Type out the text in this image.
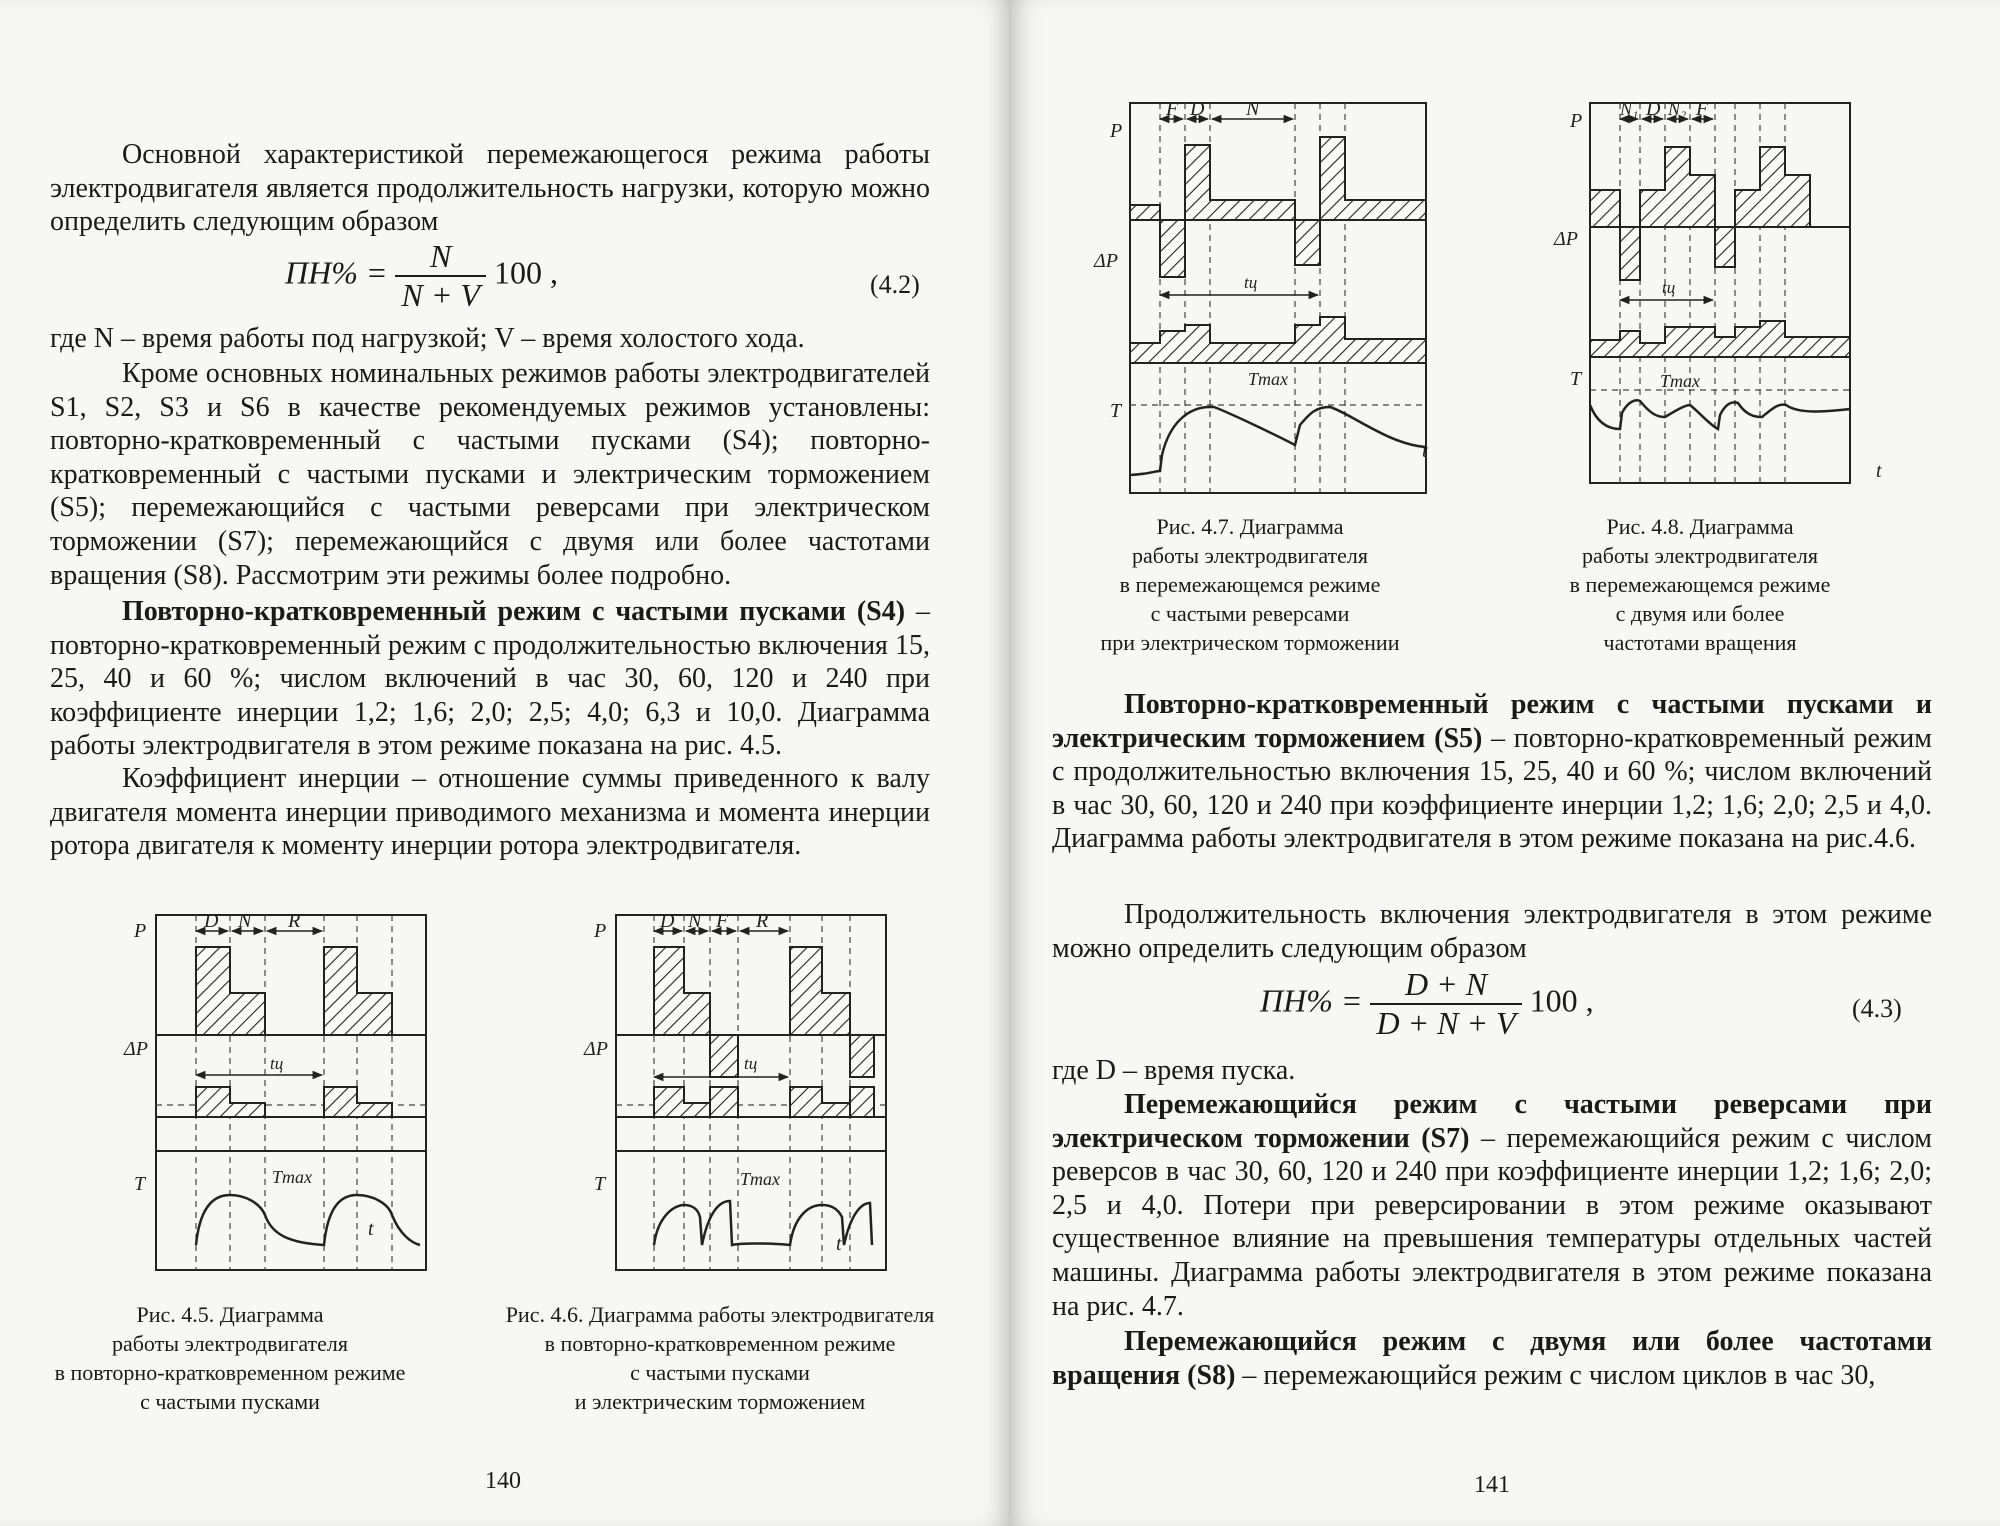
Основной характеристикой перемежающегося режима работы электродвигателя является продолжительность нагрузки, которую можно определить следующим образом

$ПН\% = \frac{N}{N + V} 100$ ,	(4.2)

где N – время работы под нагрузкой; V – время холостого хода.

Кроме основных номинальных режимов работы электродвигателей S1, S2, S3 и S6 в качестве рекомендуемых режимов установлены: повторно-кратковременный с частыми пусками (S4); повторно-кратковременный с частыми пусками и электрическим торможением (S5); перемежающийся с частыми реверсами при электрическом торможении (S7); перемежающийся с двумя или более частотами вращения (S8). Рассмотрим эти режимы более подробно.

Повторно-кратковременный режим с частыми пусками (S4) – повторно-кратковременный режим с продолжительностью включения 15, 25, 40 и 60 %; числом включений в час 30, 60, 120 и 240 при коэффициенте инерции 1,2; 1,6; 2,0; 2,5; 4,0; 6,3 и 10,0. Диаграмма работы электродвигателя в этом режиме показана на рис. 4.5.

Коэффициент инерции – отношение суммы приведенного к валу двигателя момента инерции приводимого механизма и момента инерции ротора двигателя к моменту инерции ротора электродвигателя.

P
ΔP
T
D N R
tц
Tmax
t
Рис. 4.5. Диаграмма
работы электродвигателя
в повторно-кратковременном режиме
с частыми пусками
P
ΔP
T
D N F R
tц
Tmax
t
Рис. 4.6. Диаграмма работы электродвигателя
в повторно-кратковременном режиме
с частыми пусками
и электрическим торможением
140
P
ΔP
T
F D N
tц
Tmax
t
Рис. 4.7. Диаграмма
работы электродвигателя
в перемежающемся режиме
с частыми реверсами
при электрическом торможении
P
ΔP
T
N₁ D N₂ F
tц
Tmax
t
Рис. 4.8. Диаграмма
работы электродвигателя
в перемежающемся режиме
с двумя или более
частотами вращения

Повторно-кратковременный режим с частыми пусками и электрическим торможением (S5) – повторно-кратковременный режим с продолжительностью включения 15, 25, 40 и 60 %; числом включений в час 30, 60, 120 и 240 при коэффициенте инерции 1,2; 1,6; 2,0; 2,5 и 4,0. Диаграмма работы электродвигателя в этом режиме показана на рис.4.6.

Продолжительность включения электродвигателя в этом режиме можно определить следующим образом

$ПН\% = \frac{D + N}{D + N + V} 100$ ,	(4.3)

где D – время пуска.

Перемежающийся режим с частыми реверсами при электрическом торможении (S7) – перемежающийся режим с числом реверсов в час 30, 60, 120 и 240 при коэффициенте инерции 1,2; 1,6; 2,0; 2,5 и 4,0. Потери при реверсировании в этом режиме оказывают существенное влияние на превышения температуры отдельных частей машины. Диаграмма работы электродвигателя в этом режиме показана на рис. 4.7.

Перемежающийся режим с двумя или более частотами вращения (S8) – перемежающийся режим с числом циклов в час 30,

141
